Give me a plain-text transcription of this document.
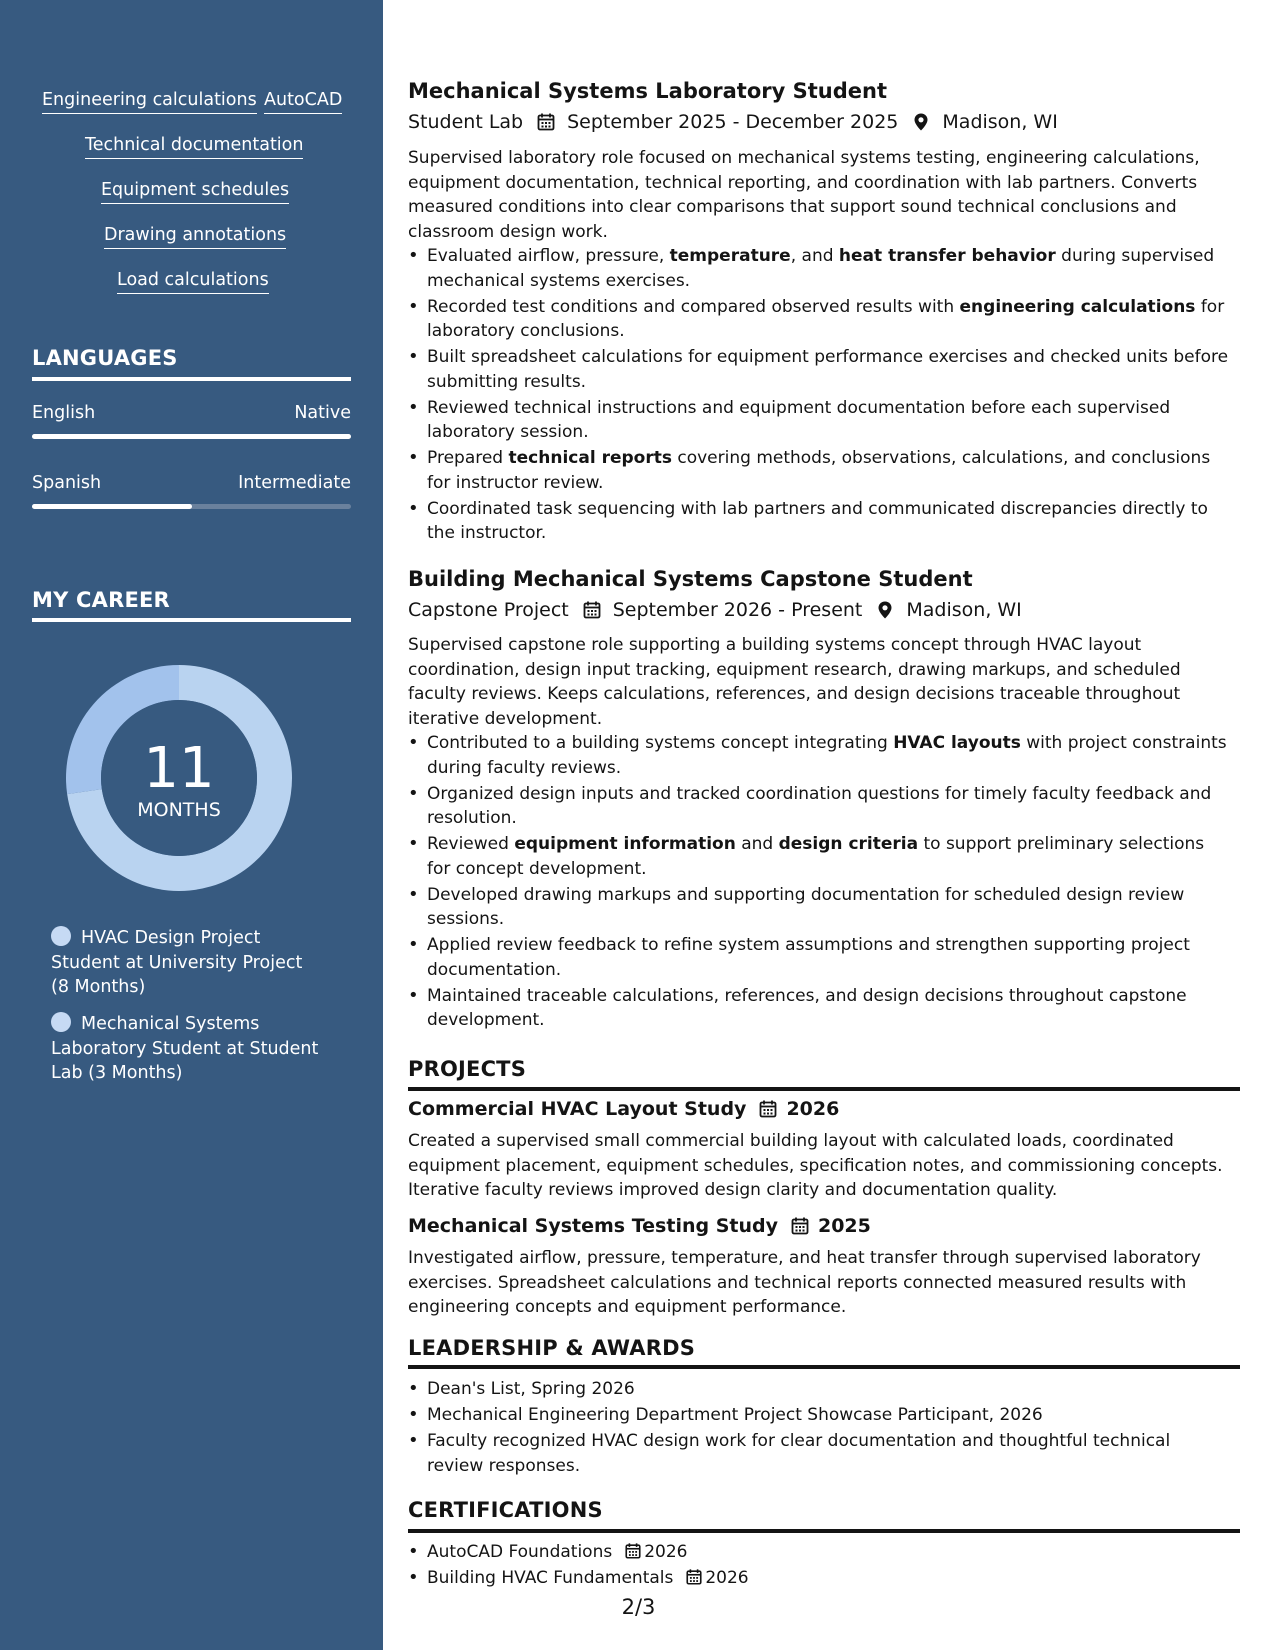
Engineering calculations AutoCAD
Technical documentation
Equipment schedules
Drawing annotations
Load calculations
LANGUAGES
English	Native
Spanish	Intermediate
MY CAREER
11
MONTHS
HVAC Design Project Student at University Project (8 Months)
Mechanical Systems Laboratory Student at Student Lab (3 Months)
Mechanical Systems Laboratory Student
Student Lab September 2025 - December 2025 Madison, WI
Supervised laboratory role focused on mechanical systems testing, engineering calculations, equipment documentation, technical reporting, and coordination with lab partners. Converts measured conditions into clear comparisons that support sound technical conclusions and classroom design work.
• Evaluated airflow, pressure, temperature, and heat transfer behavior during supervised mechanical systems exercises.
• Recorded test conditions and compared observed results with engineering calculations for laboratory conclusions.
• Built spreadsheet calculations for equipment performance exercises and checked units before submitting results.
• Reviewed technical instructions and equipment documentation before each supervised laboratory session.
• Prepared technical reports covering methods, observations, calculations, and conclusions for instructor review.
• Coordinated task sequencing with lab partners and communicated discrepancies directly to the instructor.
Building Mechanical Systems Capstone Student
Capstone Project September 2026 - Present Madison, WI
Supervised capstone role supporting a building systems concept through HVAC layout coordination, design input tracking, equipment research, drawing markups, and scheduled faculty reviews. Keeps calculations, references, and design decisions traceable throughout iterative development.
• Contributed to a building systems concept integrating HVAC layouts with project constraints during faculty reviews.
• Organized design inputs and tracked coordination questions for timely faculty feedback and resolution.
• Reviewed equipment information and design criteria to support preliminary selections for concept development.
• Developed drawing markups and supporting documentation for scheduled design review sessions.
• Applied review feedback to refine system assumptions and strengthen supporting project documentation.
• Maintained traceable calculations, references, and design decisions throughout capstone development.
PROJECTS
Commercial HVAC Layout Study 2026
Created a supervised small commercial building layout with calculated loads, coordinated equipment placement, equipment schedules, specification notes, and commissioning concepts. Iterative faculty reviews improved design clarity and documentation quality.
Mechanical Systems Testing Study 2025
Investigated airflow, pressure, temperature, and heat transfer through supervised laboratory exercises. Spreadsheet calculations and technical reports connected measured results with engineering concepts and equipment performance.
LEADERSHIP & AWARDS
• Dean's List, Spring 2026
• Mechanical Engineering Department Project Showcase Participant, 2026
• Faculty recognized HVAC design work for clear documentation and thoughtful technical review responses.
CERTIFICATIONS
• AutoCAD Foundations 2026
• Building HVAC Fundamentals 2026
2/3
